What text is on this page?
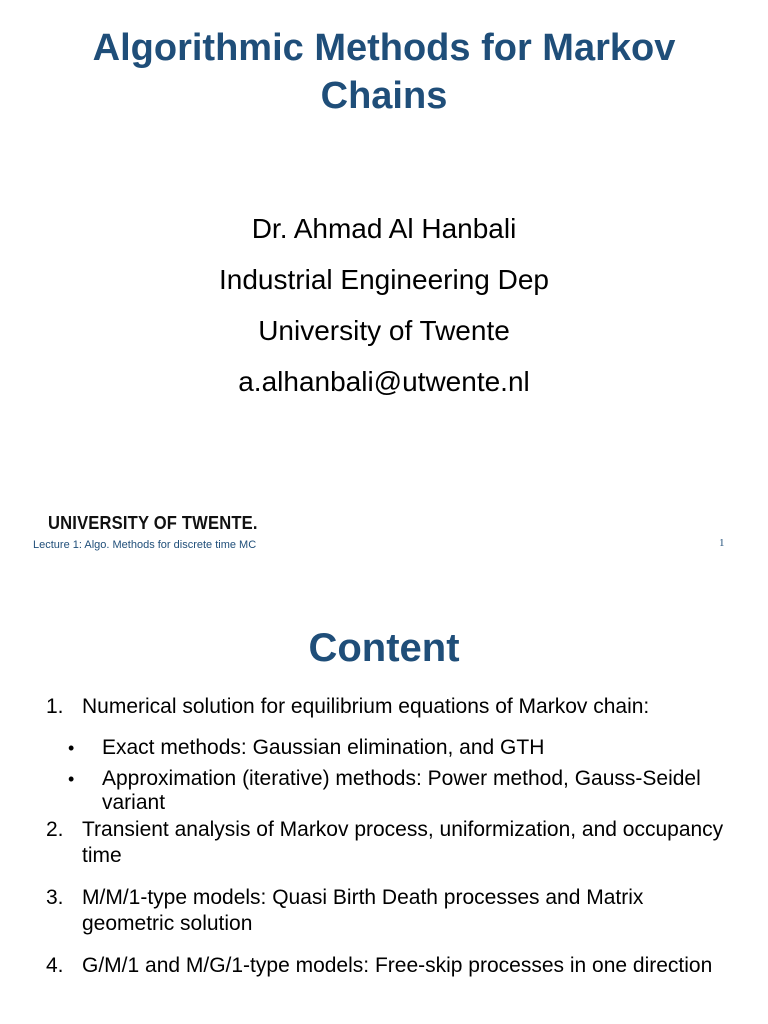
Algorithmic Methods for Markov
Chains
Dr. Ahmad Al Hanbali
Industrial Engineering Dep
University of Twente
a.alhanbali@utwente.nl
UNIVERSITY OF TWENTE.
Lecture 1: Algo. Methods for discrete time MC	1
Content
1. Numerical solution for equilibrium equations of Markov chain:
• Exact methods: Gaussian elimination, and GTH
• Approximation (iterative) methods: Power method, Gauss-Seidel variant
2. Transient analysis of Markov process, uniformization, and occupancy time
3. M/M/1-type models: Quasi Birth Death processes and Matrix geometric solution
4. G/M/1 and M/G/1-type models: Free-skip processes in one direction
